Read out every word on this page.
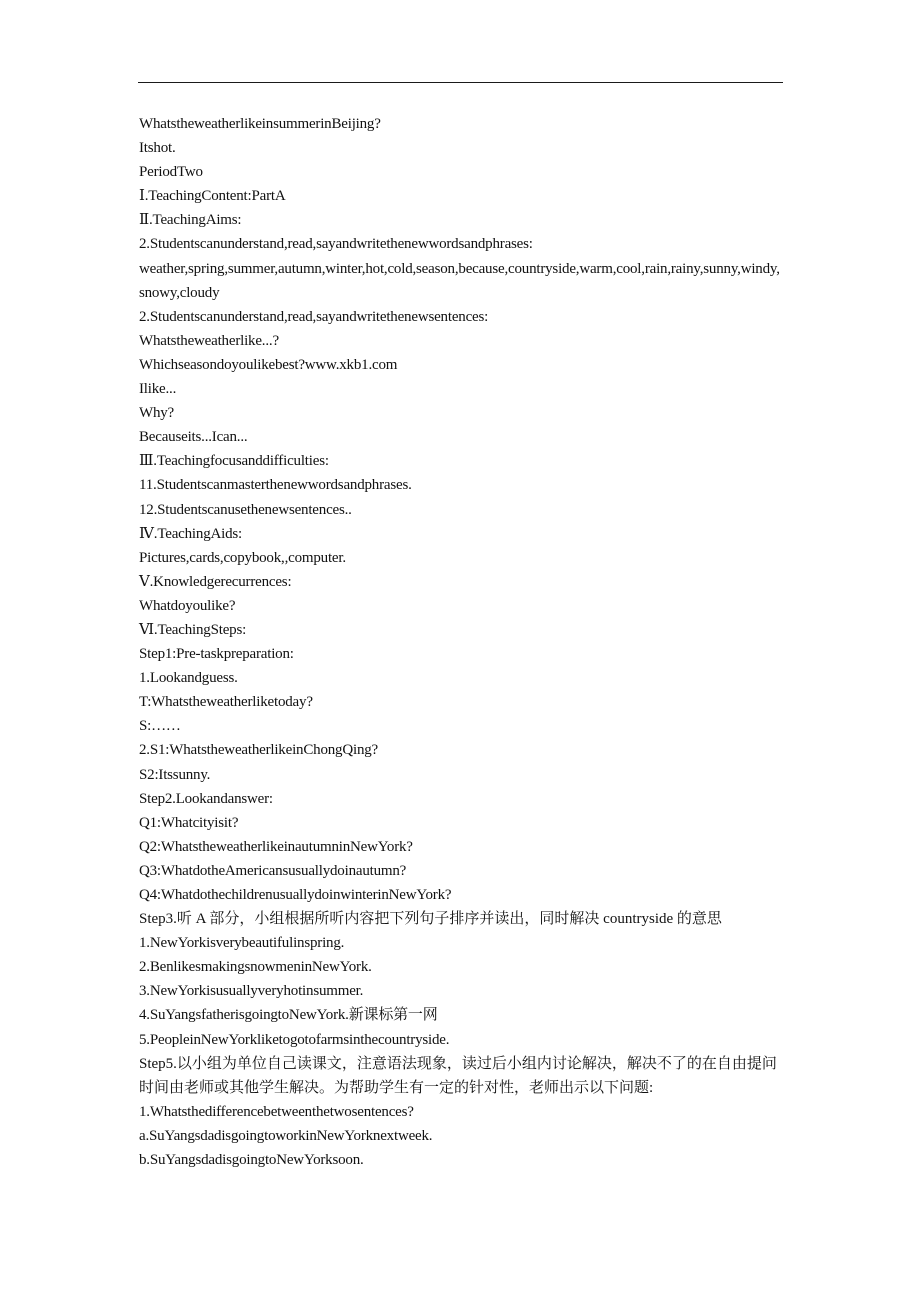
WhatstheweatherlikeinsummerinBeijing?
Itshot.
PeriodTwo
Ⅰ.TeachingContent:PartA
Ⅱ.TeachingAims:
2.Studentscanunderstand,read,sayandwritethenewwordsandphrases:
weather,spring,summer,autumn,winter,hot,cold,season,because,countryside,warm,cool,rain,rainy,sunny,windy,snowy,cloudy
2.Studentscanunderstand,read,sayandwritethenewsentences:
Whatstheweatherlike...?
Whichseasondoyoulikebest?www.xkb1.com
Ilike...
Why?
Becauseits...Ican...
Ⅲ.Teachingfocusanddifficulties:
11.Studentscanmasterthenewwordsandphrases.
12.Studentscanusethenewsentences..
Ⅳ.TeachingAids:
Pictures,cards,copybook,,computer.
Ⅴ.Knowledgerecurrences:
Whatdoyoulike?
Ⅵ.TeachingSteps:
Step1:Pre-taskpreparation:
1.Lookandguess.
T:Whatstheweatherliketoday?
S:……
2.S1:WhatstheweatherlikeinChongQing?
S2:Itssunny.
Step2.Lookandanswer:
Q1:Whatcityisit?
Q2:WhatstheweatherlikeinautumninNewYork?
Q3:WhatdotheAmericansusuallydoinautumn?
Q4:WhatdothechildrenusuallydoinwinterinNewYork?
Step3.听 A 部分，小组根据所听内容把下列句子排序并读出，同时解决 countryside 的意思
1.NewYorkisverybeautifulinspring.
2.BenlikesmakingsnowmeninNewYork.
3.NewYorkisusuallyveryhotinsummer.
4.SuYangsfatherisgoingtoNewYork.新课标第一网
5.PeopleinNewYorkliketogotofarmsinthecountryside.
Step5.以小组为单位自己读课文，注意语法现象，读过后小组内讨论解决，解决不了的在自由提问时间由老师或其他学生解决。为帮助学生有一定的针对性，老师出示以下问题:
1.Whatsthedifferencebetweenthetwosentences?
a.SuYangsdadisgoingtoworkinNewYorknextweek.
b.SuYangsdadisgoingtoNewYorksoon.
